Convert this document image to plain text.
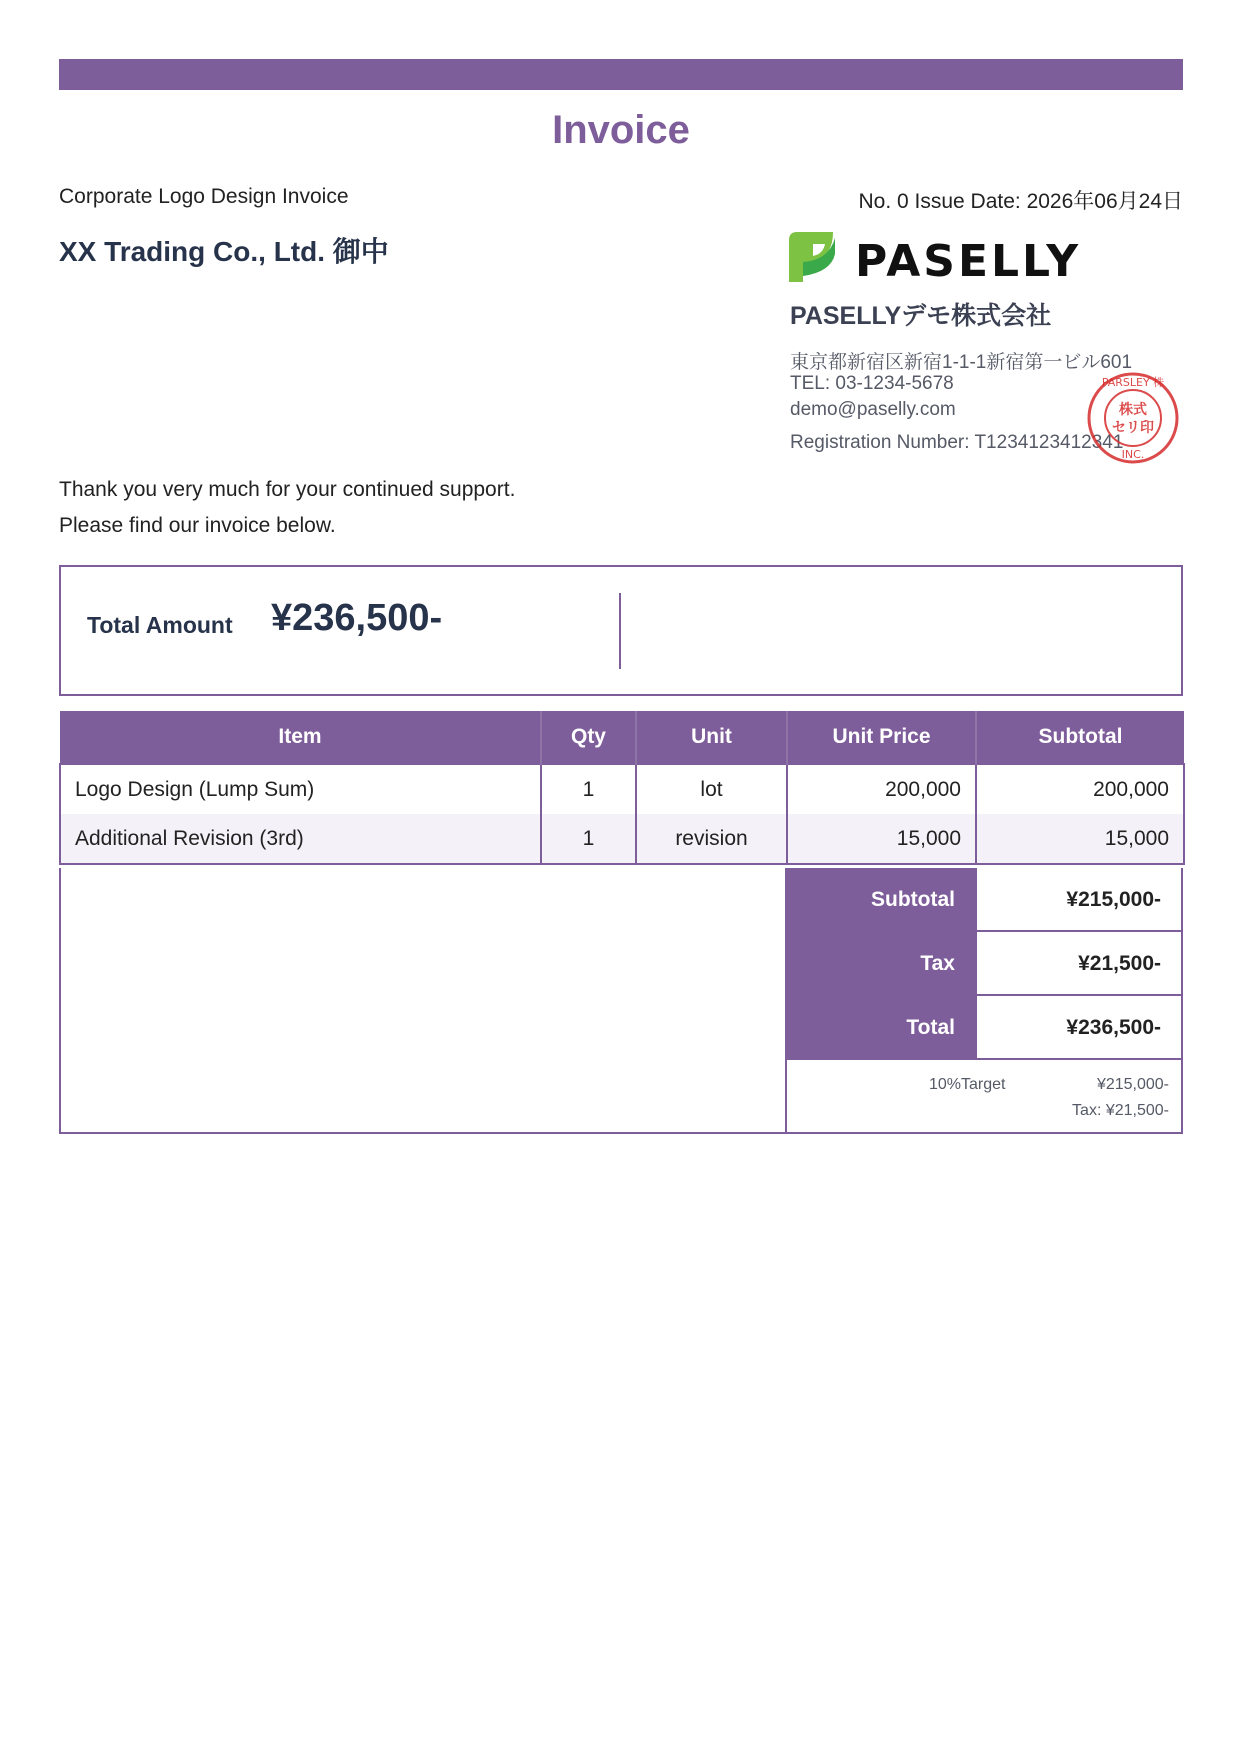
Invoice
Corporate Logo Design Invoice	No. 0 Issue Date: 2026年06月24日
XX Trading Co., Ltd. 御中	PASELLY
PASELLYデモ株式会社
東京都新宿区新宿1-1-1新宿第一ビル601
TEL: 03-1234-5678
demo@paselly.com
Registration Number: T1234123412341
PARSLEY 株
株式
セリ印
INC.
Thank you very much for your continued support.
Please find our invoice below.
Total Amount ¥236,500-
Item	Qty	Unit	Unit Price	Subtotal
Logo Design (Lump Sum)	1	lot	200,000	200,000
Additional Revision (3rd)	1	revision	15,000	15,000
Subtotal	¥215,000-
Tax	¥21,500-
Total	¥236,500-
10%Target	¥215,000-
Tax: ¥21,500-
